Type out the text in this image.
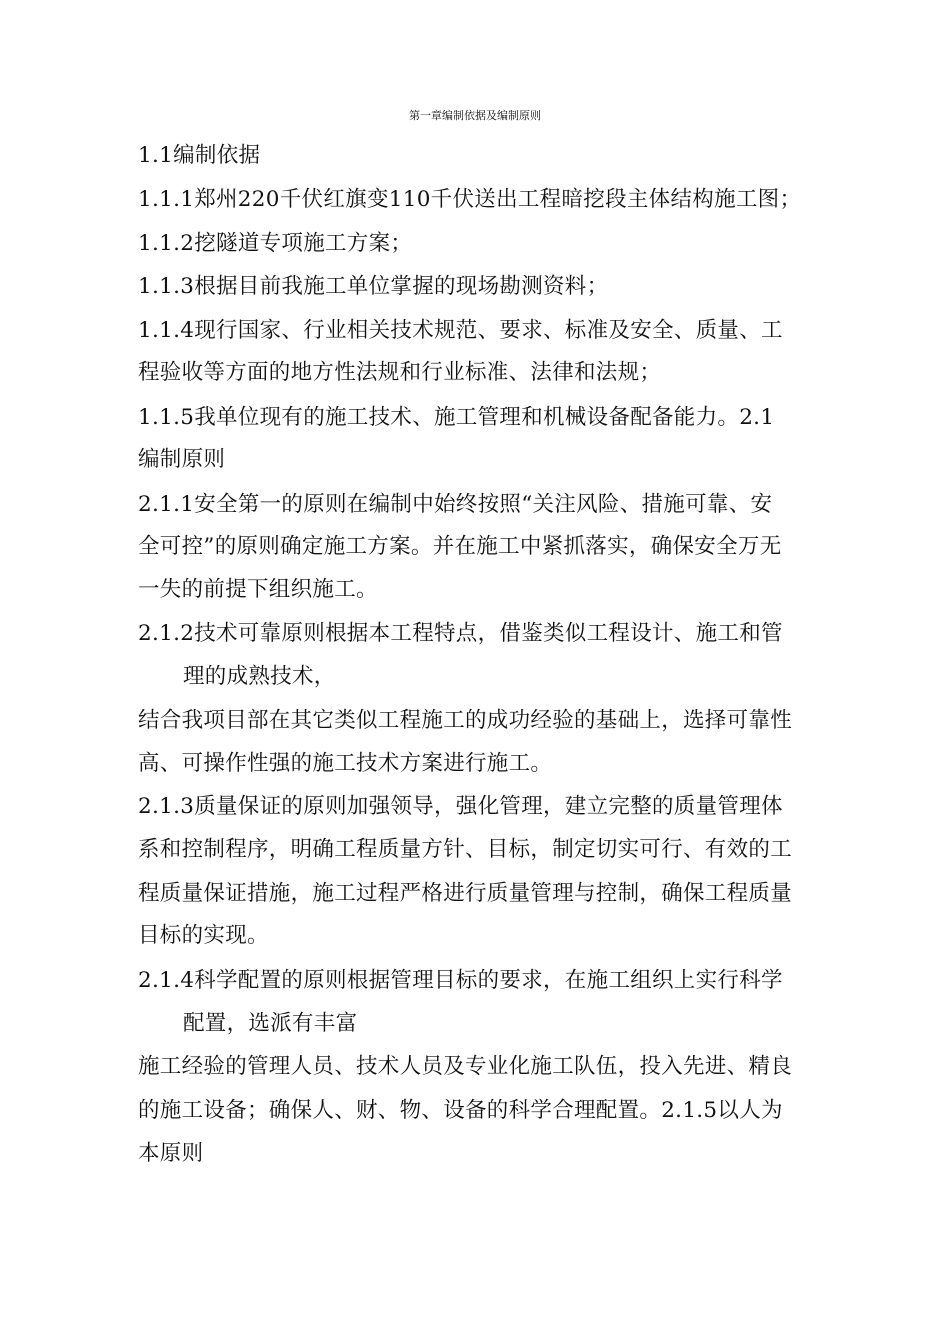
第一章编制依据及编制原则
1.1编制依据
1.1.1郑州220千伏红旗变110千伏送出工程暗挖段主体结构施工图；
1.1.2挖隧道专项施工方案；
1.1.3根据目前我施工单位掌握的现场勘测资料；
1.1.4现行国家、行业相关技术规范、要求、标准及安全、质量、工
程验收等方面的地方性法规和行业标准、法律和法规；
1.1.5我单位现有的施工技术、施工管理和机械设备配备能力。2.1
编制原则
2.1.1安全第一的原则在编制中始终按照“关注风险、措施可靠、安
全可控”的原则确定施工方案。并在施工中紧抓落实，确保安全万无
一失的前提下组织施工。
2.1.2技术可靠原则根据本工程特点，借鉴类似工程设计、施工和管
理的成熟技术，
结合我项目部在其它类似工程施工的成功经验的基础上，选择可靠性
高、可操作性强的施工技术方案进行施工。
2.1.3质量保证的原则加强领导，强化管理，建立完整的质量管理体
系和控制程序，明确工程质量方针、目标，制定切实可行、有效的工
程质量保证措施，施工过程严格进行质量管理与控制，确保工程质量
目标的实现。
2.1.4科学配置的原则根据管理目标的要求，在施工组织上实行科学
配置，选派有丰富
施工经验的管理人员、技术人员及专业化施工队伍，投入先进、精良
的施工设备；确保人、财、物、设备的科学合理配置。2.1.5以人为
本原则
